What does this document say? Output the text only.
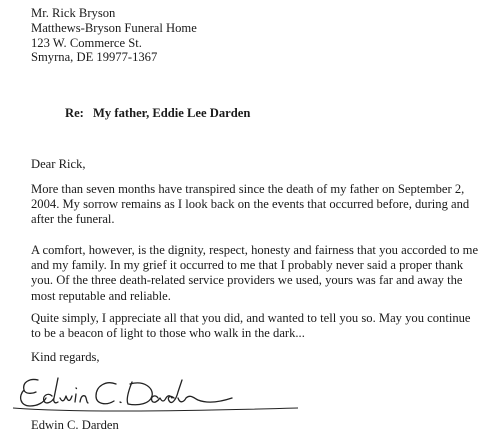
Mr. Rick Bryson
Matthews-Bryson Funeral Home
123 W. Commerce St.
Smyrna, DE 19977-1367
Re: My father, Eddie Lee Darden
Dear Rick,
More than seven months have transpired since the death of my father on September 2,
2004. My sorrow remains as I look back on the events that occurred before, during and
after the funeral.
A comfort, however, is the dignity, respect, honesty and fairness that you accorded to me
and my family. In my grief it occurred to me that I probably never said a proper thank
you. Of the three death-related service providers we used, yours was far and away the
most reputable and reliable.
Quite simply, I appreciate all that you did, and wanted to tell you so. May you continue
to be a beacon of light to those who walk in the dark...
Kind regards,
Edwin C. Darden
